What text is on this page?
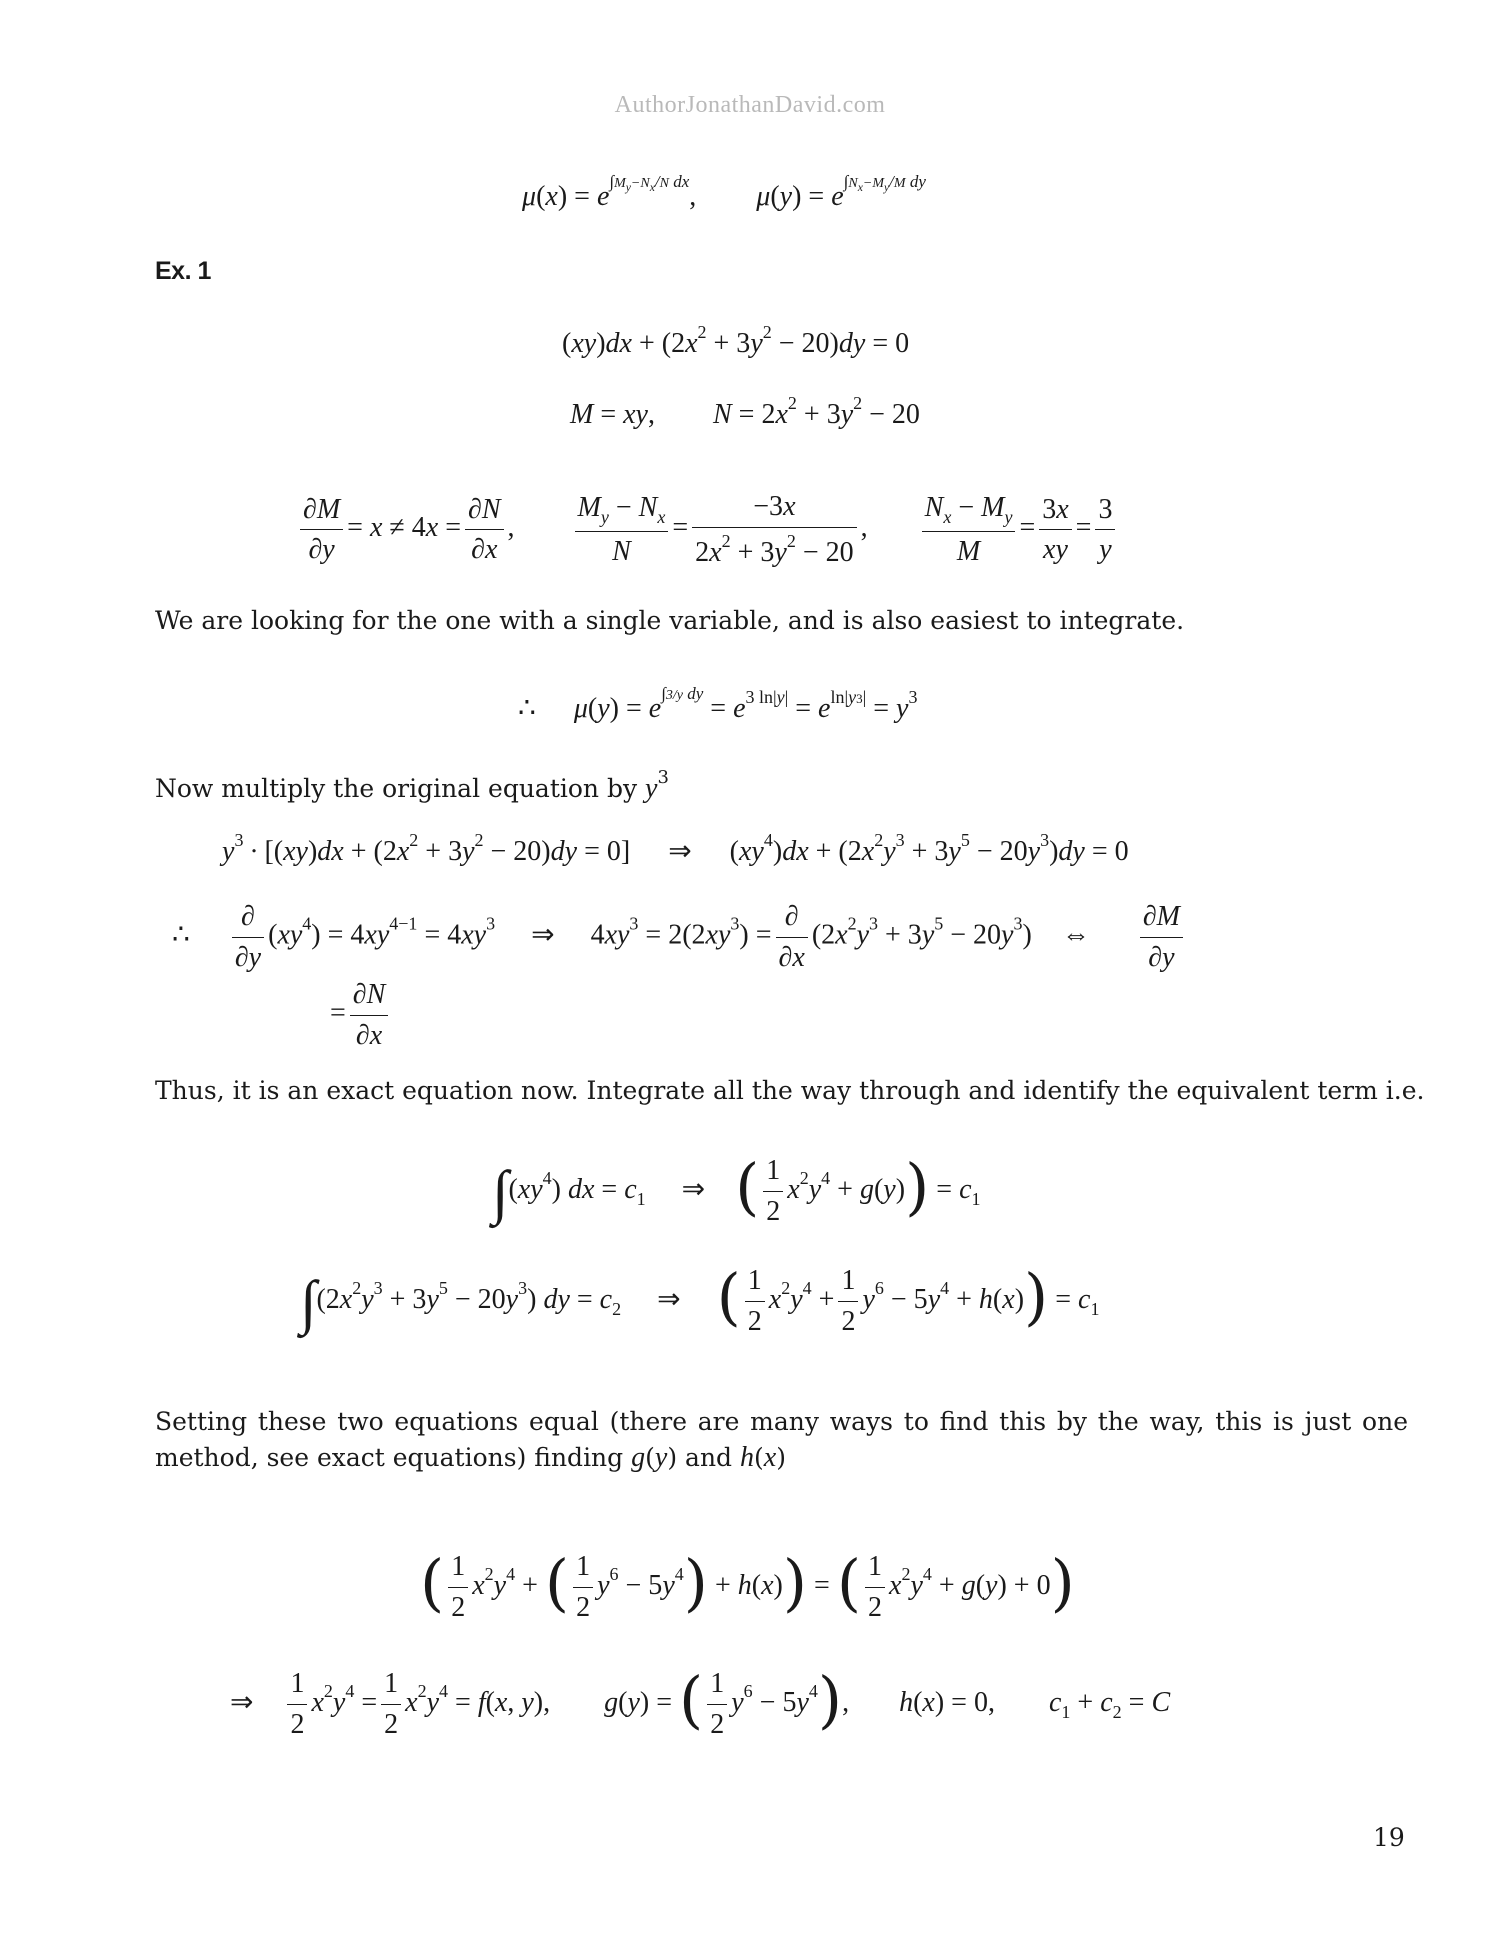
AuthorJonathanDavid.com
$\mu(x) = e^{\int M_y-N_x/N dx}$, $\mu(y) = e^{\int N_x-M_y/M dy}$
Ex. 1
$(xy)dx + (2x^2 + 3y^2 - 20)dy = 0$
M = xy, $N = 2x^2 + 3y^2 - 20$
$\frac{\partial M}{\partial y} = x \ne 4x = \frac{\partial N}{\partial x}$ , $\frac{M_y - N_x}{N} = \frac{-3x}{2x^2 + 3y^2 - 20}$ , $\frac{N_x - M_y}{M} = \frac{3x}{xy} = \frac{3}{y}$
We are looking for the one with a single variable, and is also easiest to integrate.
∴ $\mu(y) = e^{\int 3/y dy} = e^{3 ln|y|} = e^{ln|y3|} = y^3$
Now multiply the original equation by $y^3$
$y^3 \cdot [(xy)dx + (2x^2 + 3y^2 - 20)dy = 0]$ ⇒ $(xy^4)dx + (2x^2y^3 + 3y^5 - 20y^3)dy = 0$
∴ $\frac{\partial}{\partial y} (xy^4) = 4xy^{4-1} = 4xy^3$ ⇒ $4xy^3 = 2(2xy^3) = \frac{\partial}{\partial x} (2x^2y^3 + 3y^5 - 20y^3)$ ⇔ $\frac{\partial M}{\partial y}$
= $\frac{\partial N}{\partial x}$
Thus, it is an exact equation now. Integrate all the way through and identify the equivalent term i.e.
$\int(xy^4)$ dx = $c_1$ ⇒ ( $\frac{1}{2} x^2y^4 + g(y)) = c_1$
$\int(2x^2y^3 + 3y^5 - 20y^3)$ dy = $c_2$ ⇒ ( $\frac{1}{2} x^2y^4 + \frac{1}{2} y^6 - 5y^4 + h(x)) = c_1$
Setting these two equations equal (there are many ways to find this by the way, this is just one method, see exact equations) finding g(y) and h(x)
( $\frac{1}{2} x^2y^4$ + ( $\frac{1}{2} y^6 - 5y^4) + h(x)$) = ( $\frac{1}{2} x^2y^4 + g(y) + 0$)
⇒ $\frac{1}{2} x^2y^4 = \frac{1}{2} x^2y^4 = f(x$, y), g(y) = ( $\frac{1}{2} y^6 - 5y^4$), h(x) = 0, $c_1 + c_2 = C$
19
